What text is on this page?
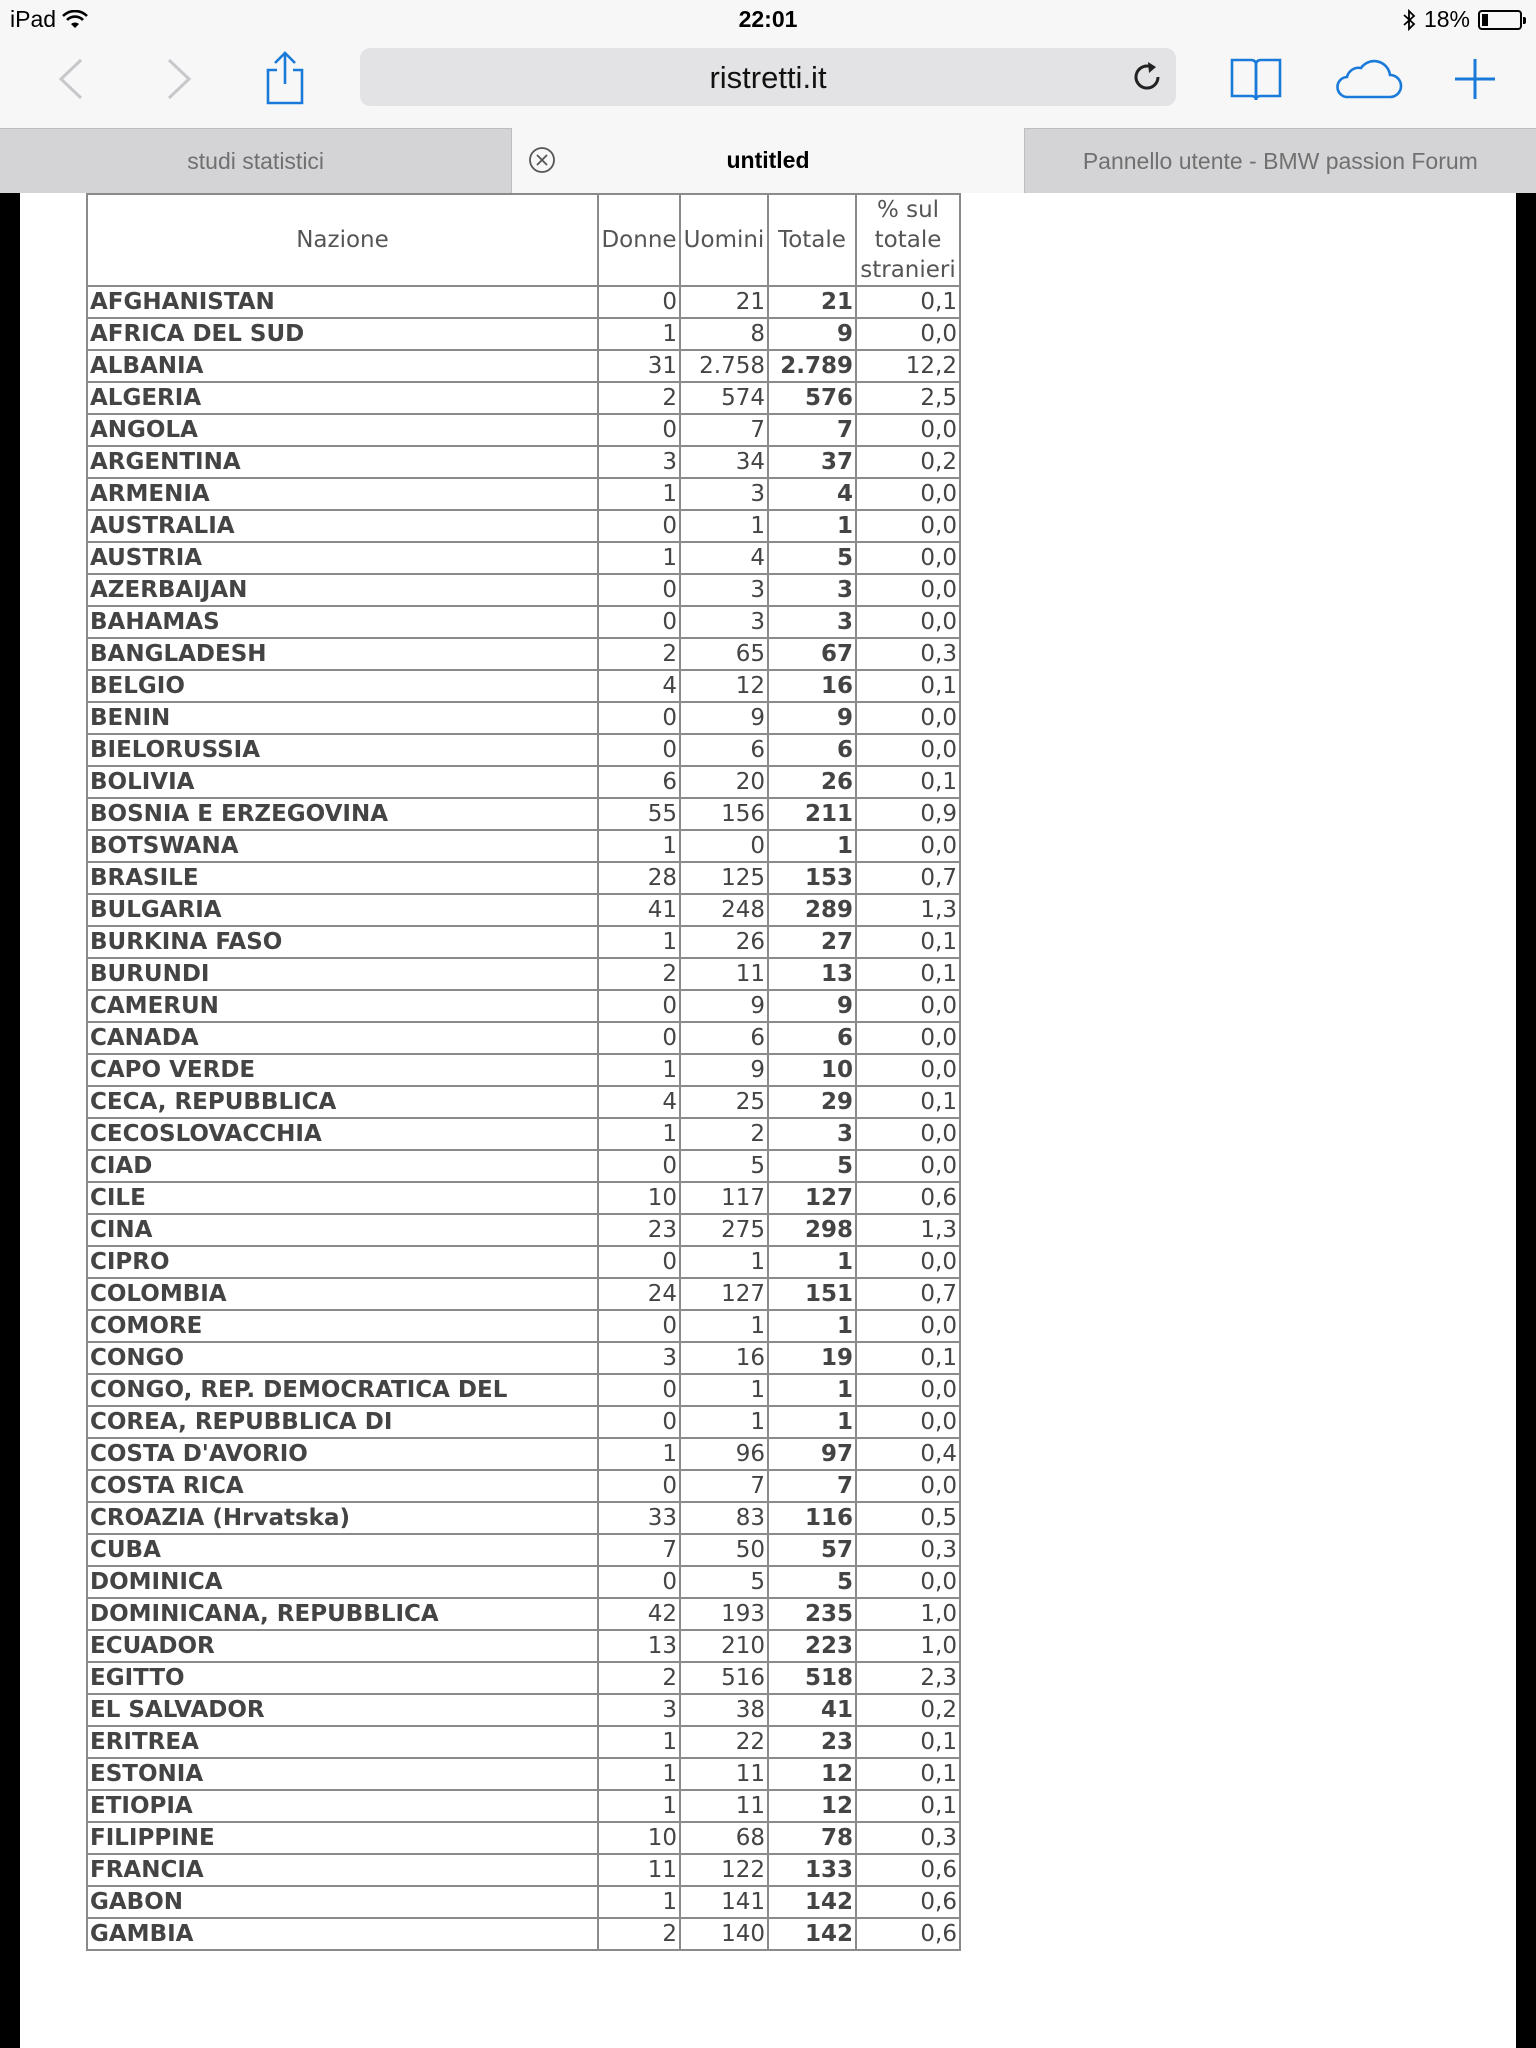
iPad	22:01	18%
ristretti.it
studi statistici	untitled	Pannello utente - BMW passion Forum
Nazione	Donne	Uomini	Totale	% sul totale stranieri

AFGHANISTAN	0	21	21	0,1
AFRICA DEL SUD	1	8	9	0,0
ALBANIA	31	2.758	2.789	12,2
ALGERIA	2	574	576	2,5
ANGOLA	0	7	7	0,0
ARGENTINA	3	34	37	0,2
ARMENIA	1	3	4	0,0
AUSTRALIA	0	1	1	0,0
AUSTRIA	1	4	5	0,0
AZERBAIJAN	0	3	3	0,0
BAHAMAS	0	3	3	0,0
BANGLADESH	2	65	67	0,3
BELGIO	4	12	16	0,1
BENIN	0	9	9	0,0
BIELORUSSIA	0	6	6	0,0
BOLIVIA	6	20	26	0,1
BOSNIA E ERZEGOVINA	55	156	211	0,9
BOTSWANA	1	0	1	0,0
BRASILE	28	125	153	0,7
BULGARIA	41	248	289	1,3
BURKINA FASO	1	26	27	0,1
BURUNDI	2	11	13	0,1
CAMERUN	0	9	9	0,0
CANADA	0	6	6	0,0
CAPO VERDE	1	9	10	0,0
CECA, REPUBBLICA	4	25	29	0,1
CECOSLOVACCHIA	1	2	3	0,0
CIAD	0	5	5	0,0
CILE	10	117	127	0,6
CINA	23	275	298	1,3
CIPRO	0	1	1	0,0
COLOMBIA	24	127	151	0,7
COMORE	0	1	1	0,0
CONGO	3	16	19	0,1
CONGO, REP. DEMOCRATICA DEL	0	1	1	0,0
COREA, REPUBBLICA DI	0	1	1	0,0
COSTA D'AVORIO	1	96	97	0,4
COSTA RICA	0	7	7	0,0
CROAZIA (Hrvatska)	33	83	116	0,5
CUBA	7	50	57	0,3
DOMINICA	0	5	5	0,0
DOMINICANA, REPUBBLICA	42	193	235	1,0
ECUADOR	13	210	223	1,0
EGITTO	2	516	518	2,3
EL SALVADOR	3	38	41	0,2
ERITREA	1	22	23	0,1
ESTONIA	1	11	12	0,1
ETIOPIA	1	11	12	0,1
FILIPPINE	10	68	78	0,3
FRANCIA	11	122	133	0,6
GABON	1	141	142	0,6
GAMBIA	2	140	142	0,6
